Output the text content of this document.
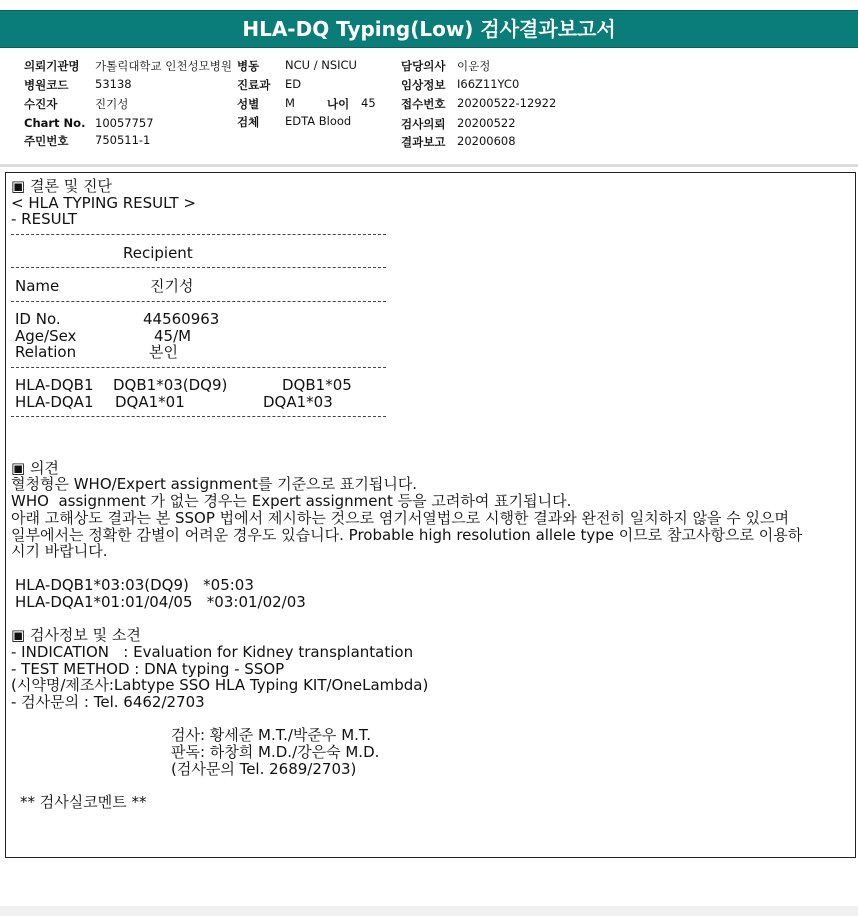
HLA-DQ Typing(Low) 검사결과보고서
의뢰기관명 가톨릭대학교 인천성모병원 병동 NCU / NSICU	담당의사 이운정
병원코드 53138	진료과 ED	임상정보 I66Z11YC0
수진자	진기성	성별 M	나이 45 접수번호 20200522-12922
Chart No. 10057757	검체 EDTA Blood	검사의뢰 20200522
주민번호 750511-1	결과보고 20200608
▣ 결론 및 진단
< HLA TYPING RESULT >
- RESULT
Recipient
Name	진기성
ID No.	44560963
Age/Sex	45/M
Relation	본인
HLA-DQB1 DQB1*03(DQ9)	DQB1*05
HLA-DQA1 DQA1*01	DQA1*03
▣ 의견
혈청형은 WHO/Expert assignment를 기준으로 표기됩니다.
WHO  assignment 가 없는 경우는 Expert assignment 등을 고려하여 표기됩니다.
아래 고해상도 결과는 본 SSOP 법에서 제시하는 것으로 염기서열법으로 시행한 결과와 완전히 일치하지 않을 수 있으며
일부에서는 정확한 감별이 어려운 경우도 있습니다. Probable high resolution allele type 이므로 참고사항으로 이용하
시기 바랍니다.
HLA-DQB1*03:03(DQ9)   *05:03
HLA-DQA1*01:01/04/05   *03:01/02/03
▣ 검사정보 및 소견
- INDICATION   : Evaluation for Kidney transplantation
- TEST METHOD : DNA typing - SSOP
(시약명/제조사:Labtype SSO HLA Typing KIT/OneLambda)
- 검사문의 : Tel. 6462/2703
검사: 황세준 M.T./박준우 M.T.
판독: 하창희 M.D./강은숙 M.D.
(검사문의 Tel. 2689/2703)
** 검사실코멘트 **
